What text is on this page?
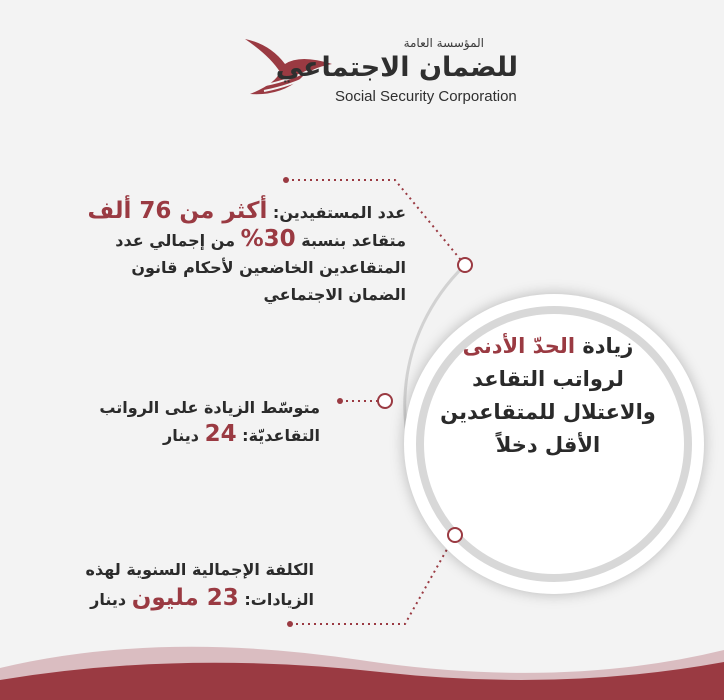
المؤسسة العامة
للضمان الاجتماعي
Social Security Corporation
زيادة الحدّ الأدنى
لرواتب التقاعد
والاعتلال للمتقاعدين
الأقل دخلاً
عدد المستفيدين: أكثر من 76 ألف
متقاعد بنسبة 30% من إجمالي عدد
المتقاعدين الخاضعين لأحكام قانون
الضمان الاجتماعي
متوسّط الزيادة على الرواتب
التقاعديّة: 24 دينار
الكلفة الإجمالية السنوية لهذه
الزيادات: 23 مليون دينار
